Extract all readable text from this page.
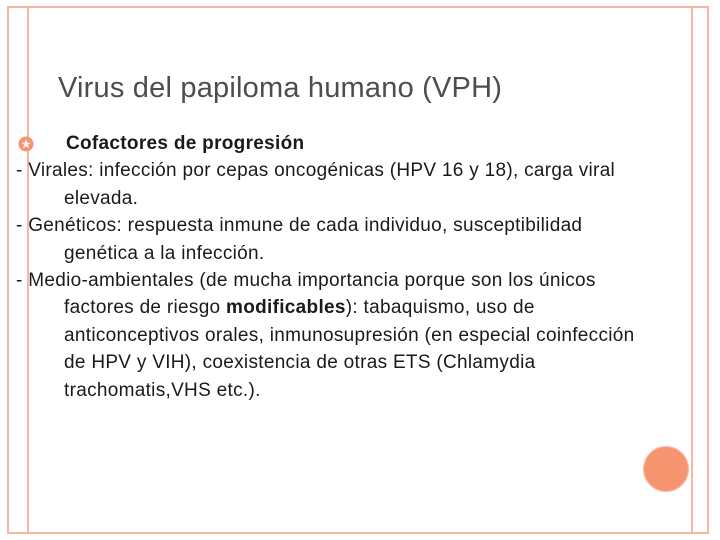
Virus del papiloma humano (VPH)
Cofactores de progresión
- Virales: infección por cepas oncogénicas (HPV 16 y 18), carga viral elevada.
- Genéticos: respuesta inmune de cada individuo, susceptibilidad genética a la infección.
- Medio-ambientales (de mucha importancia porque son los únicos factores de riesgo modificables): tabaquismo, uso de anticonceptivos orales, inmunosupresión (en especial coinfección de HPV y VIH), coexistencia de otras ETS (Chlamydia trachomatis,VHS etc.).
